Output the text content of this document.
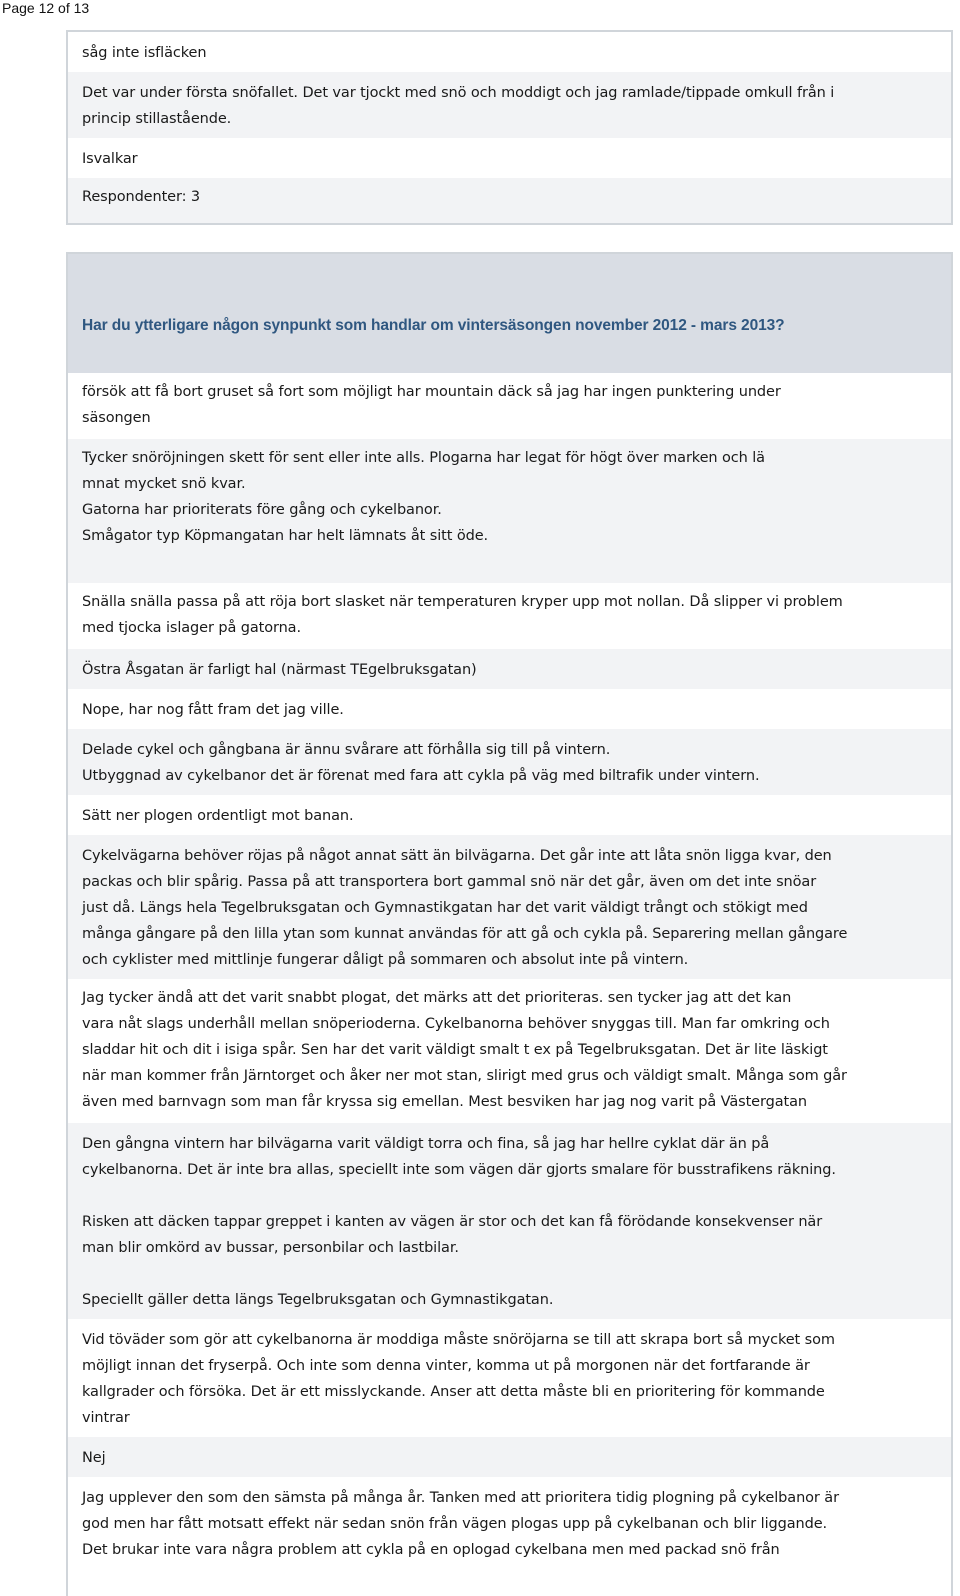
Page 12 of 13
såg inte isfläcken
Det var under första snöfallet. Det var tjockt med snö och moddigt och jag ramlade/tippade omkull från i
princip stillastående.
Isvalkar
Respondenter: 3
Har du ytterligare någon synpunkt som handlar om vintersäsongen november 2012 - mars 2013?
försök att få bort gruset så fort som möjligt har mountain däck så jag har ingen punktering under
säsongen
Tycker snöröjningen skett för sent eller inte alls. Plogarna har legat för högt över marken och lä
mnat mycket snö kvar.
Gatorna har prioriterats före gång och cykelbanor.
Smågator typ Köpmangatan har helt lämnats åt sitt öde.

Snälla snälla passa på att röja bort slasket när temperaturen kryper upp mot nollan. Då slipper vi problem
med tjocka islager på gatorna.
Östra Åsgatan är farligt hal (närmast TEgelbruksgatan)
Nope, har nog fått fram det jag ville.
Delade cykel och gångbana är ännu svårare att förhålla sig till på vintern.
Utbyggnad av cykelbanor det är förenat med fara att cykla på väg med biltrafik under vintern.
Sätt ner plogen ordentligt mot banan.
Cykelvägarna behöver röjas på något annat sätt än bilvägarna. Det går inte att låta snön ligga kvar, den
packas och blir spårig. Passa på att transportera bort gammal snö när det går, även om det inte snöar
just då. Längs hela Tegelbruksgatan och Gymnastikgatan har det varit väldigt trångt och stökigt med
många gångare på den lilla ytan som kunnat användas för att gå och cykla på. Separering mellan gångare
och cyklister med mittlinje fungerar dåligt på sommaren och absolut inte på vintern.
Jag tycker ändå att det varit snabbt plogat, det märks att det prioriteras. sen tycker jag att det kan
vara nåt slags underhåll mellan snöperioderna. Cykelbanorna behöver snyggas till. Man far omkring och
sladdar hit och dit i isiga spår. Sen har det varit väldigt smalt t ex på Tegelbruksgatan. Det är lite läskigt
när man kommer från Järntorget och åker ner mot stan, slirigt med grus och väldigt smalt. Många som går
även med barnvagn som man får kryssa sig emellan. Mest besviken har jag nog varit på Västergatan
Den gångna vintern har bilvägarna varit väldigt torra och fina, så jag har hellre cyklat där än på
cykelbanorna. Det är inte bra allas, speciellt inte som vägen där gjorts smalare för busstrafikens räkning.

Risken att däcken tappar greppet i kanten av vägen är stor och det kan få förödande konsekvenser när
man blir omkörd av bussar, personbilar och lastbilar.

Speciellt gäller detta längs Tegelbruksgatan och Gymnastikgatan.
Vid töväder som gör att cykelbanorna är moddiga måste snöröjarna se till att skrapa bort så mycket som
möjligt innan det fryserpå. Och inte som denna vinter, komma ut på morgonen när det fortfarande är
kallgrader och försöka. Det är ett misslyckande. Anser att detta måste bli en prioritering för kommande
vintrar
Nej
Jag upplever den som den sämsta på många år. Tanken med att prioritera tidig plogning på cykelbanor är
god men har fått motsatt effekt när sedan snön från vägen plogas upp på cykelbanan och blir liggande.
Det brukar inte vara några problem att cykla på en oplogad cykelbana men med packad snö från
